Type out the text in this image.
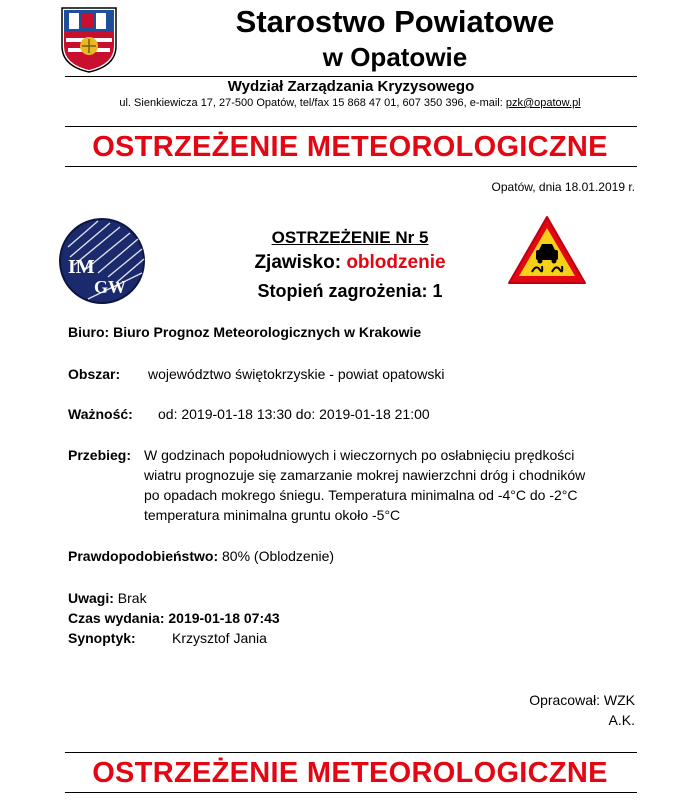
Starostwo Powiatowe
w Opatowie
Wydział Zarządzania Kryzysowego
ul. Sienkiewicza 17, 27-500 Opatów, tel/fax 15 868 47 01, 607 350 396, e-mail: pzk@opatow.pl
OSTRZEŻENIE METEOROLOGICZNE
Opatów, dnia 18.01.2019 r.
IM
GW
OSTRZEŻENIE Nr 5
Zjawisko: oblodzenie
Stopień zagrożenia: 1
Biuro: Biuro Prognoz Meteorologicznych w Krakowie
Obszar: województwo świętokrzyskie - powiat opatowski
Ważność: od: 2019-01-18 13:30 do: 2019-01-18 21:00
Przebieg: W godzinach popołudniowych i wieczornych po osłabnięciu prędkości
wiatru prognozuje się zamarzanie mokrej nawierzchni dróg i chodników
po opadach mokrego śniegu. Temperatura minimalna od -4°C do -2°C
temperatura minimalna gruntu około -5°C
Prawdopodobieństwo: 80% (Oblodzenie)
Uwagi: Brak
Czas wydania: 2019-01-18 07:43
Synoptyk:	Krzysztof Jania
Opracował: WZK
A.K.
OSTRZEŻENIE METEOROLOGICZNE
